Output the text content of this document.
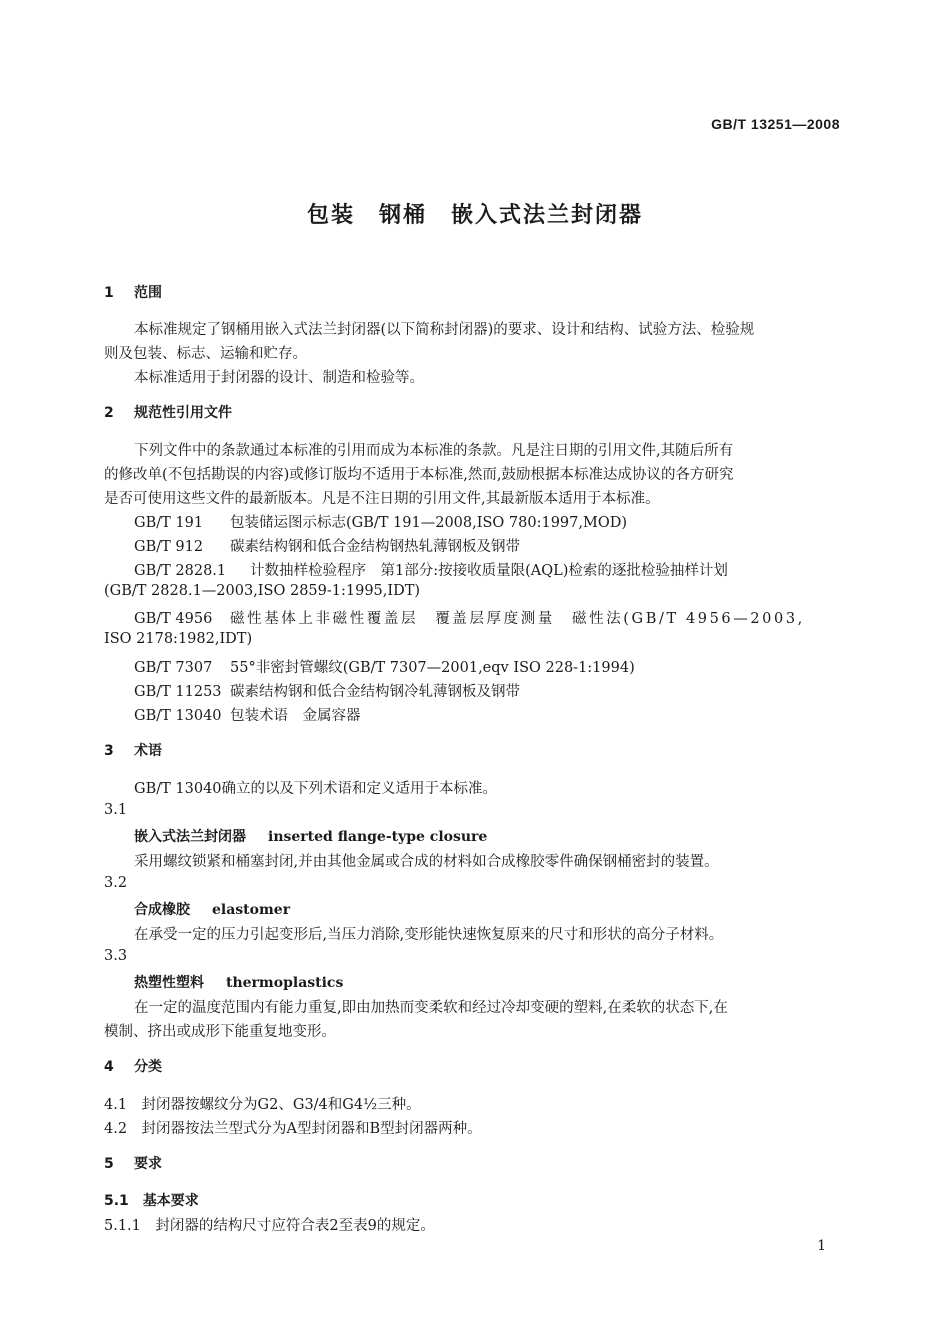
GB/T 13251—2008
包装　钢桶　嵌入式法兰封闭器
1 范围
本标准规定了钢桶用嵌入式法兰封闭器(以下简称封闭器)的要求、设计和结构、试验方法、检验规
则及包装、标志、运输和贮存。
本标准适用于封闭器的设计、制造和检验等。
2 规范性引用文件
下列文件中的条款通过本标准的引用而成为本标准的条款。凡是注日期的引用文件,其随后所有
的修改单(不包括勘误的内容)或修订版均不适用于本标准,然而,鼓励根据本标准达成协议的各方研究
是否可使用这些文件的最新版本。凡是不注日期的引用文件,其最新版本适用于本标准。
GB/T 191 包装储运图示标志(GB/T 191—2008,ISO 780:1997,MOD)
GB/T 912 碳素结构钢和低合金结构钢热轧薄钢板及钢带
GB/T 2828.1 计数抽样检验程序　第1部分:按接收质量限(AQL)检索的逐批检验抽样计划
(GB/T 2828.1—2003,ISO 2859-1:1995,IDT)
GB/T 4956 磁性基体上非磁性覆盖层　覆盖层厚度测量　磁性法(GB/T 4956—2003,
ISO 2178:1982,IDT)
GB/T 7307 55°非密封管螺纹(GB/T 7307—2001,eqv ISO 228-1:1994)
GB/T 11253 碳素结构钢和低合金结构钢冷轧薄钢板及钢带
GB/T 13040 包装术语　金属容器
3 术语
GB/T 13040确立的以及下列术语和定义适用于本标准。
3.1
嵌入式法兰封闭器 inserted flange-type closure
采用螺纹锁紧和桶塞封闭,并由其他金属或合成的材料如合成橡胶零件确保钢桶密封的装置。
3.2
合成橡胶 elastomer
在承受一定的压力引起变形后,当压力消除,变形能快速恢复原来的尺寸和形状的高分子材料。
3.3
热塑性塑料 thermoplastics
在一定的温度范围内有能力重复,即由加热而变柔软和经过冷却变硬的塑料,在柔软的状态下,在
模制、挤出或成形下能重复地变形。
4 分类
4.1　封闭器按螺纹分为G2、G3/4和G4½三种。
4.2　封闭器按法兰型式分为A型封闭器和B型封闭器两种。
5 要求
5.1　基本要求
5.1.1　封闭器的结构尺寸应符合表2至表9的规定。
1
